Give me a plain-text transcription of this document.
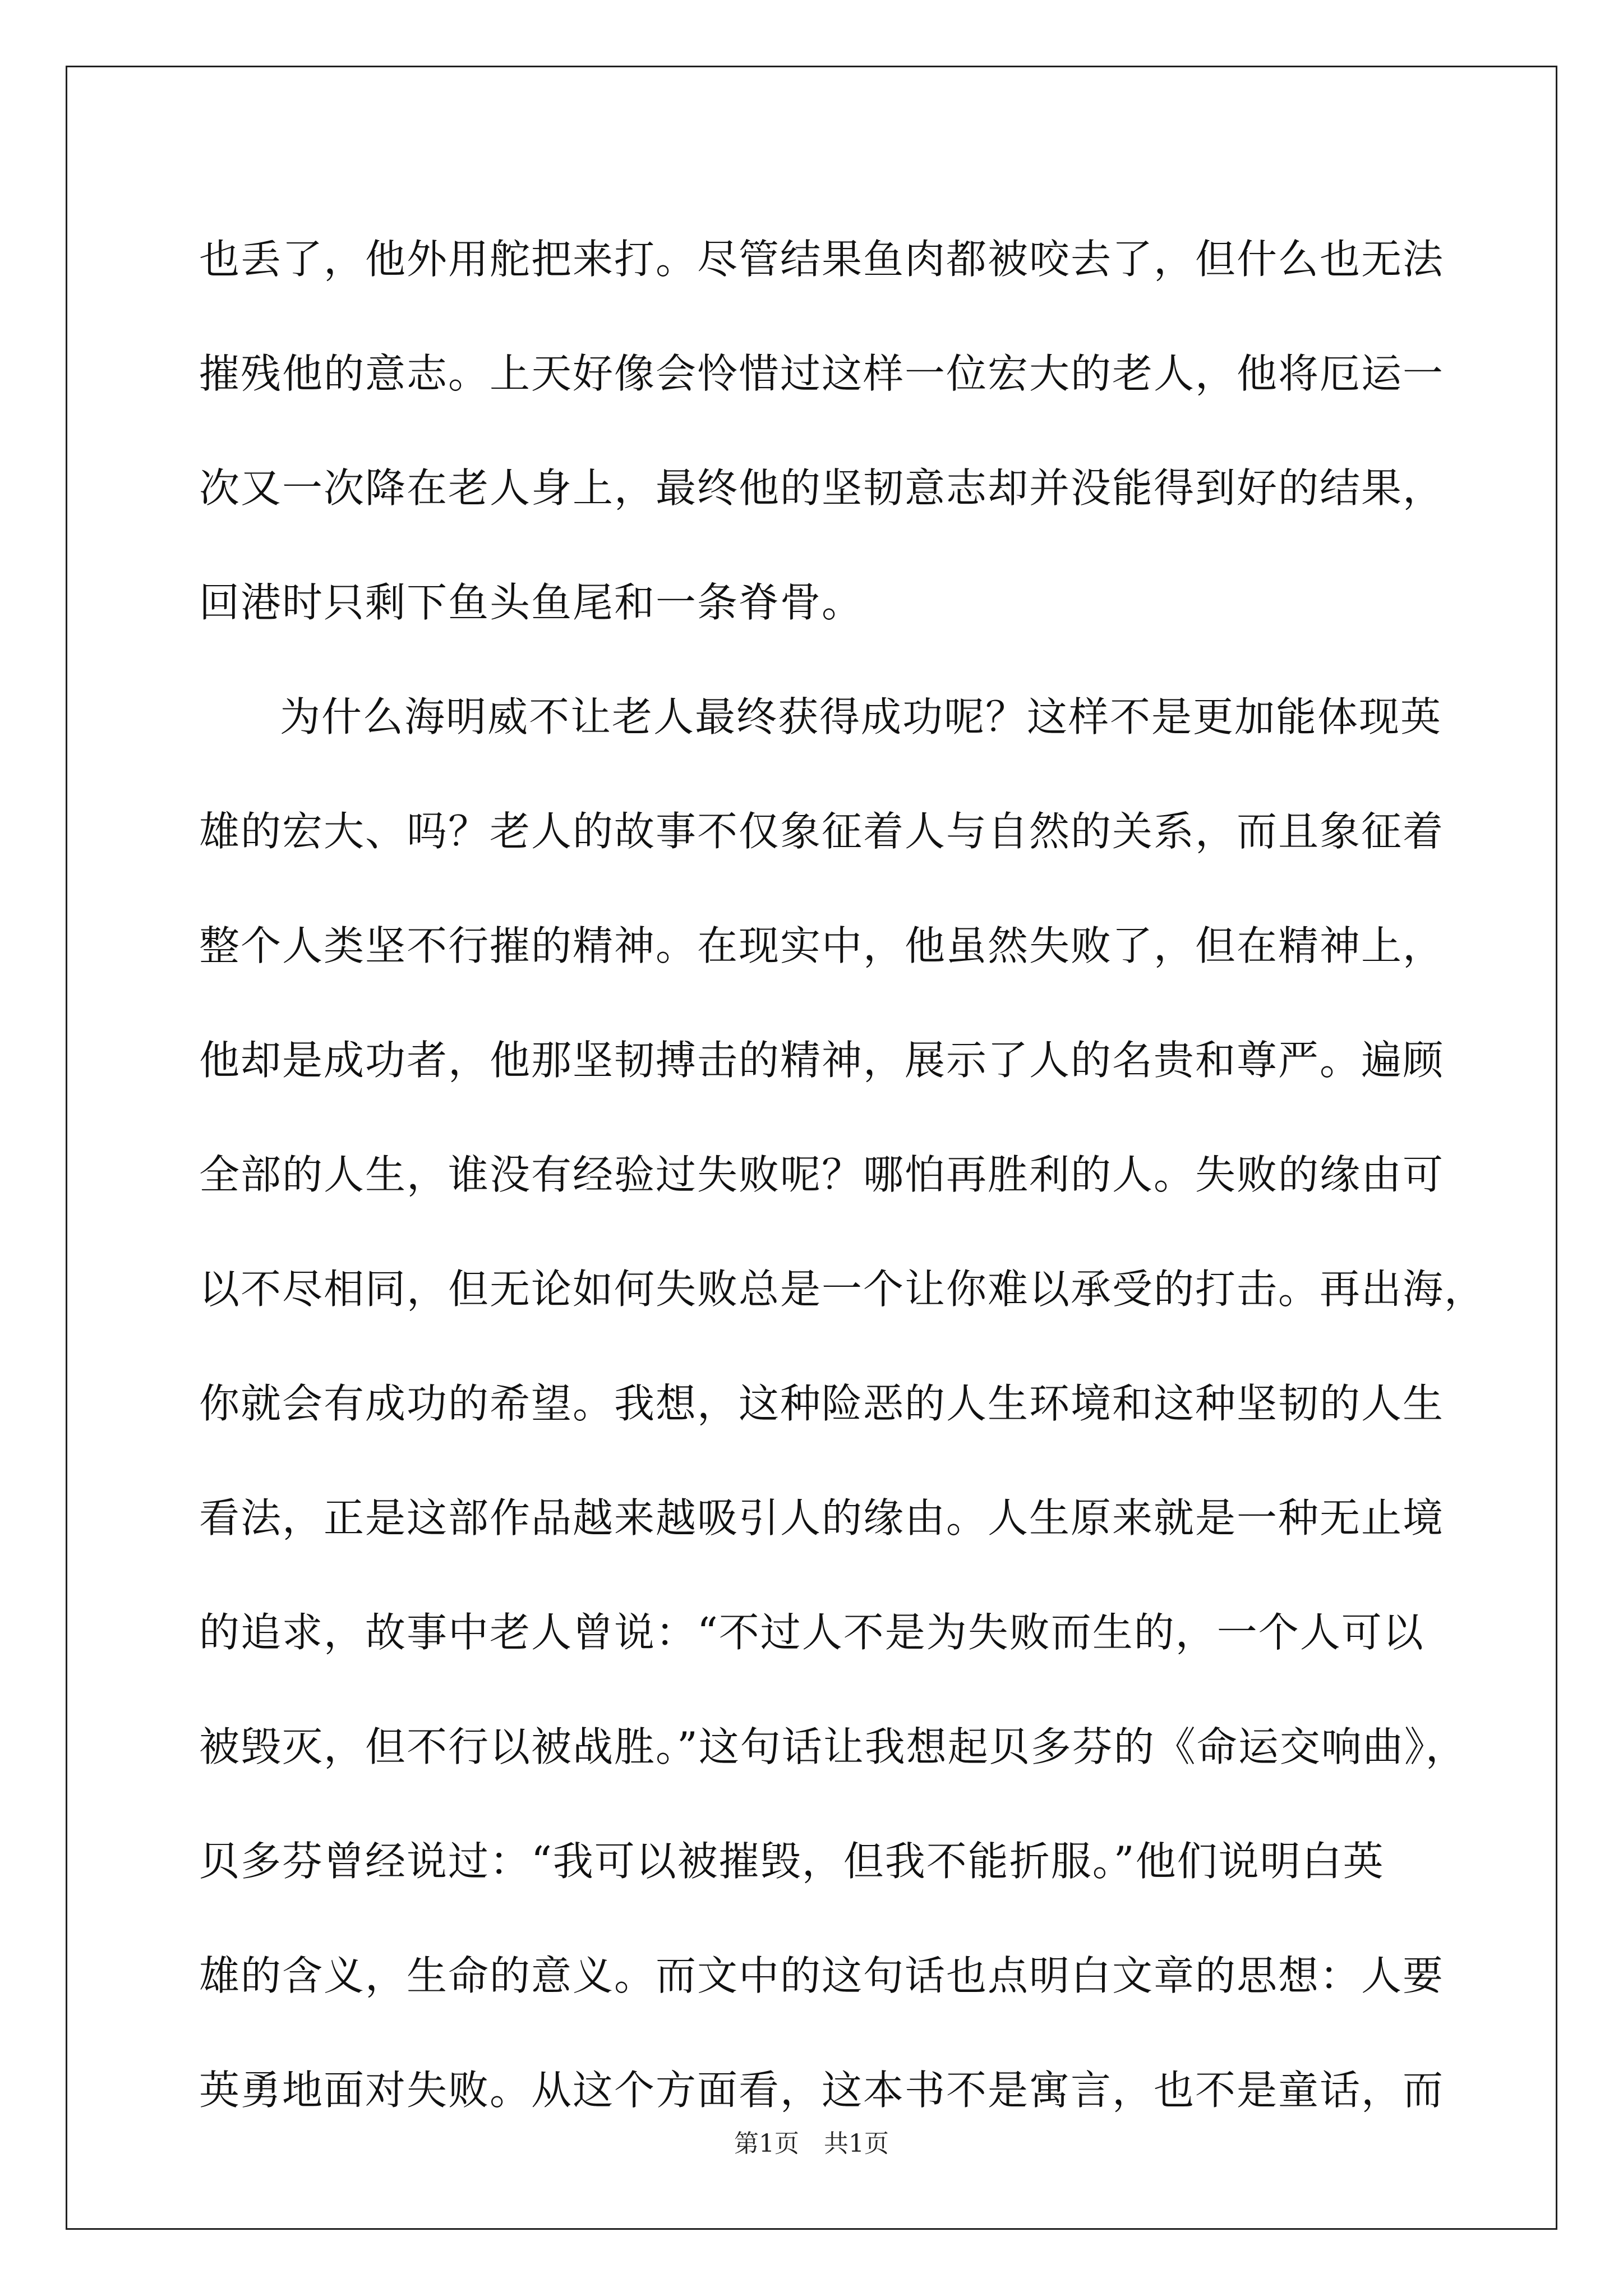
也丢了，他外用舵把来打。尽管结果鱼肉都被咬去了，但什么也无法
摧残他的意志。上天好像会怜惜过这样一位宏大的老人，他将厄运一
次又一次降在老人身上，最终他的坚韧意志却并没能得到好的结果，
回港时只剩下鱼头鱼尾和一条脊骨。
为什么海明威不让老人最终获得成功呢？这样不是更加能体现英
雄的宏大、吗？老人的故事不仅象征着人与自然的关系，而且象征着
整个人类坚不行摧的精神。在现实中，他虽然失败了，但在精神上，
他却是成功者，他那坚韧搏击的精神，展示了人的名贵和尊严。遍顾
全部的人生，谁没有经验过失败呢？哪怕再胜利的人。失败的缘由可
以不尽相同，但无论如何失败总是一个让你难以承受的打击。再出海，
你就会有成功的希望。我想，这种险恶的人生环境和这种坚韧的人生
看法，正是这部作品越来越吸引人的缘由。人生原来就是一种无止境
的追求，故事中老人曾说：“不过人不是为失败而生的，一个人可以
被毁灭，但不行以被战胜。”这句话让我想起贝多芬的《命运交响曲》，
贝多芬曾经说过：“我可以被摧毁，但我不能折服。”他们说明白英
雄的含义，生命的意义。而文中的这句话也点明白文章的思想：人要
英勇地面对失败。从这个方面看，这本书不是寓言，也不是童话，而
第1页　共1页
